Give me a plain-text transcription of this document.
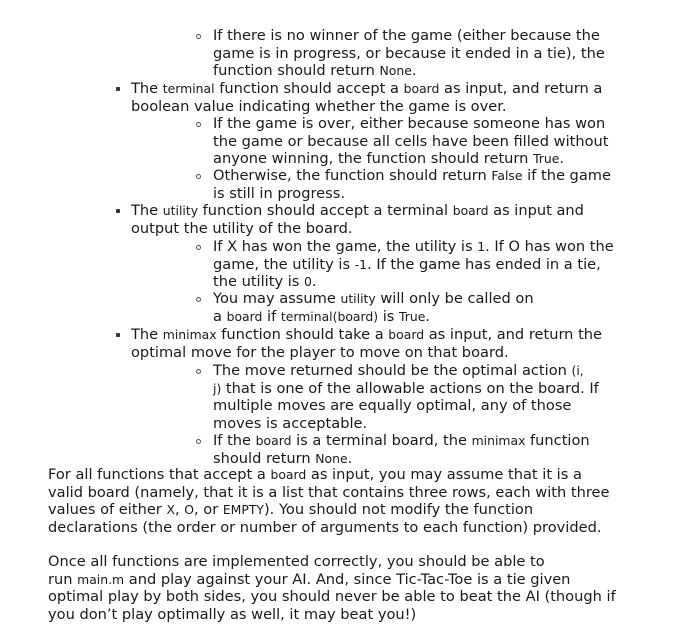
If there is no winner of the game (either because the
game is in progress, or because it ended in a tie), the
function should return None.
The terminal function should accept a board as input, and return a
boolean value indicating whether the game is over.
If the game is over, either because someone has won
the game or because all cells have been filled without
anyone winning, the function should return True.
Otherwise, the function should return False if the game
is still in progress.
The utility function should accept a terminal board as input and
output the utility of the board.
If X has won the game, the utility is 1. If O has won the
game, the utility is -1. If the game has ended in a tie,
the utility is 0.
You may assume utility will only be called on
a board if terminal(board) is True.
The minimax function should take a board as input, and return the
optimal move for the player to move on that board.
The move returned should be the optimal action (i,
j) that is one of the allowable actions on the board. If
multiple moves are equally optimal, any of those
moves is acceptable.
If the board is a terminal board, the minimax function
should return None.
For all functions that accept a board as input, you may assume that it is a
valid board (namely, that it is a list that contains three rows, each with three
values of either X, O, or EMPTY). You should not modify the function
declarations (the order or number of arguments to each function) provided.
Once all functions are implemented correctly, you should be able to
run main.m and play against your AI. And, since Tic-Tac-Toe is a tie given
optimal play by both sides, you should never be able to beat the AI (though if
you don’t play optimally as well, it may beat you!)
